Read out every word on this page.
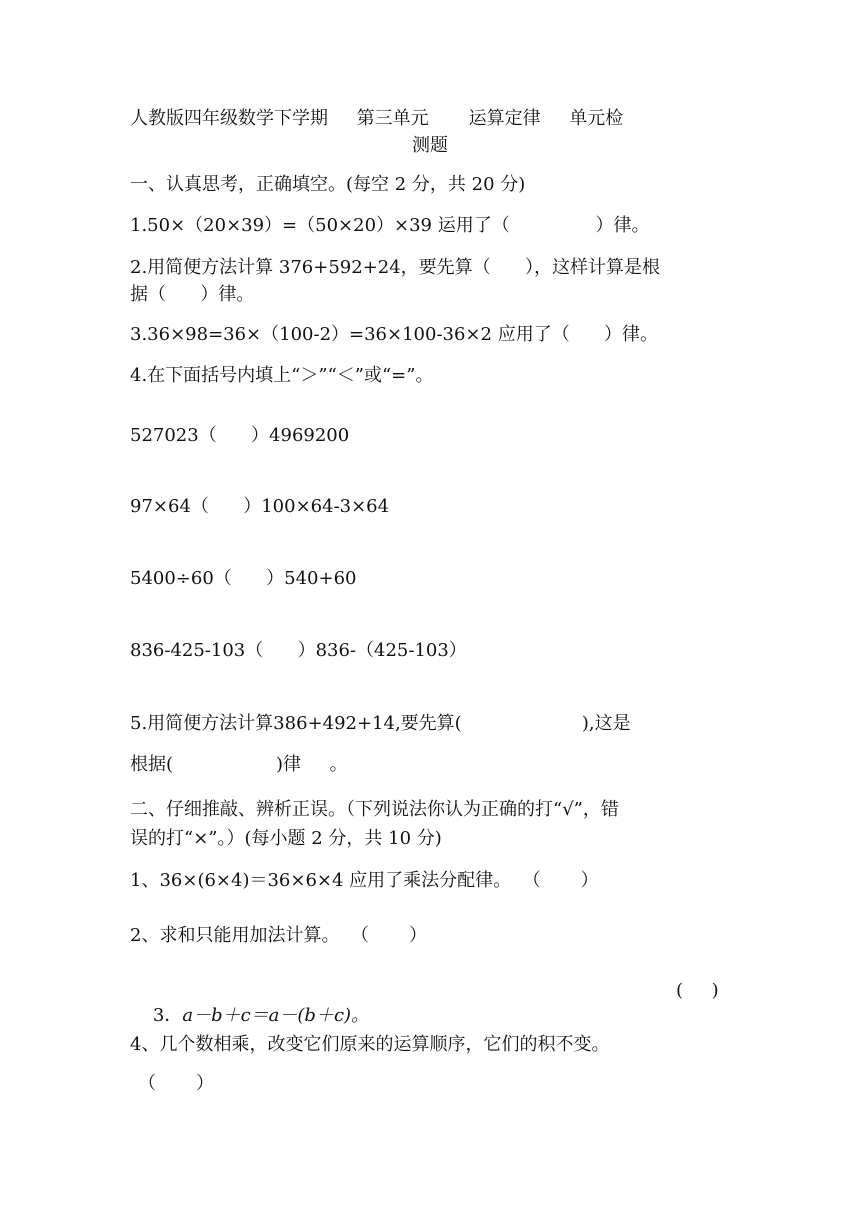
人教版四年级数学下学期     第三单元       运算定律     单元检
测题
一、认真思考，正确填空。(每空 2 分，共 20 分)
1.50×（20×39）=（50×20）×39 运用了（               ）律。
2.用简便方法计算 376+592+24，要先算（      ），这样计算是根
据（      ）律。
3.36×98=36×（100-2）=36×100-36×2 应用了（      ）律。
4.在下面括号内填上“＞”“＜”或“=”。
527023（      ）4969200
97×64（      ）100×64-3×64
5400÷60（      ）540+60
836-425-103（      ）836-（425-103）
5.用简便方法计算386+492+14,要先算(                     ),这是
根据(                  )律     。
二、仔细推敲、辨析正误。（下列说法你认为正确的打“√”，错
误的打“×”。）(每小题 2 分，共 10 分)
1、36×(6×4)＝36×6×4 应用了乘法分配律。  （       ）
2、求和只能用加法计算。  （       ）

3．a－b＋c＝a－(b＋c)。

(     )
4、几个数相乘，改变它们原来的运算顺序，它们的积不变。
（       ）
